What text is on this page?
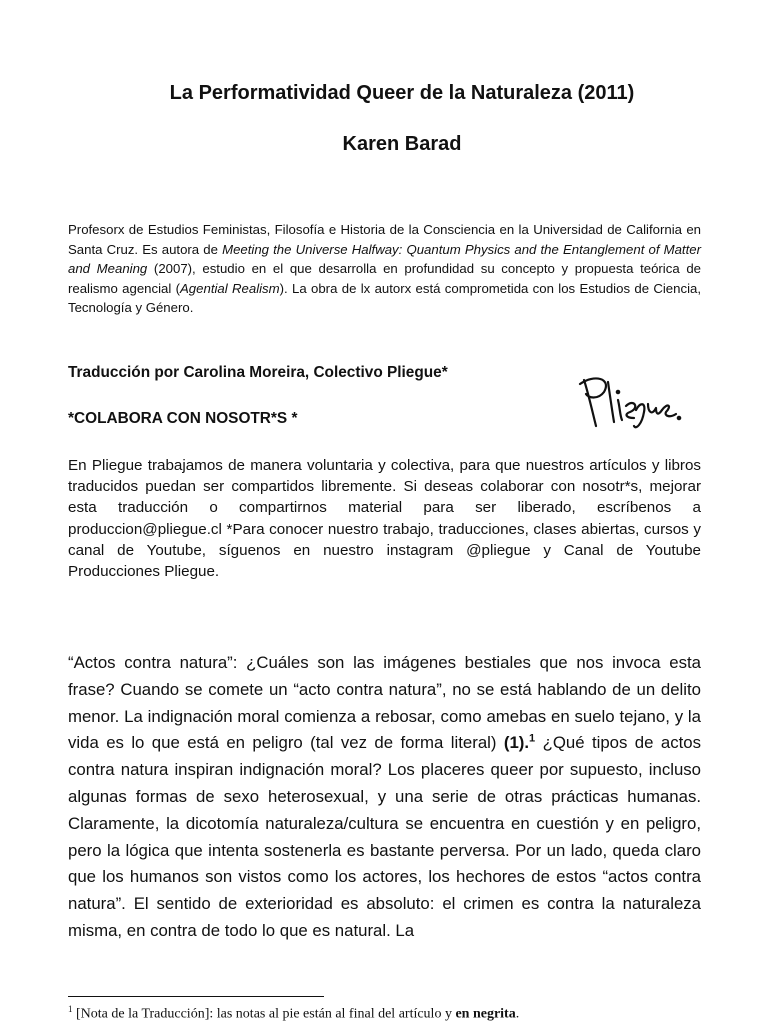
La Performatividad Queer de la Naturaleza (2011)
Karen Barad

Profesorx de Estudios Feministas, Filosofía e Historia de la Consciencia en la Universidad de California en Santa Cruz. Es autora de Meeting the Universe Halfway: Quantum Physics and the Entanglement of Matter and Meaning (2007), estudio en el que desarrolla en profundidad su concepto y propuesta teórica de realismo agencial (Agential Realism). La obra de lx autorx está comprometida con los Estudios de Ciencia, Tecnología y Género.

Traducción por Carolina Moreira, Colectivo Pliegue*

*COLABORA CON NOSOTR*S *

En Pliegue trabajamos de manera voluntaria y colectiva, para que nuestros artículos y libros traducidos puedan ser compartidos libremente. Si deseas colaborar con nosotr*s, mejorar esta traducción o compartirnos material para ser liberado, escríbenos a produccion@pliegue.cl *Para conocer nuestro trabajo, traducciones, clases abiertas, cursos y canal de Youtube, síguenos en nuestro instagram @pliegue y Canal de Youtube Producciones Pliegue.

“Actos contra natura”: ¿Cuáles son las imágenes bestiales que nos invoca esta frase? Cuando se comete un “acto contra natura”, no se está hablando de un delito menor. La indignación moral comienza a rebosar, como amebas en suelo tejano, y la vida es lo que está en peligro (tal vez de forma literal) (1).$^1$ ¿Qué tipos de actos contra natura inspiran indignación moral? Los placeres queer por supuesto, incluso algunas formas de sexo heterosexual, y una serie de otras prácticas humanas. Claramente, la dicotomía naturaleza/cultura se encuentra en cuestión y en peligro, pero la lógica que intenta sostenerla es bastante perversa. Por un lado, queda claro que los humanos son vistos como los actores, los hechores de estos “actos contra natura”. El sentido de exterioridad es absoluto: el crimen es contra la naturaleza misma, en contra de todo lo que es natural. La

$^1$ [Nota de la Traducción]: las notas al pie están al final del artículo y en negrita.
